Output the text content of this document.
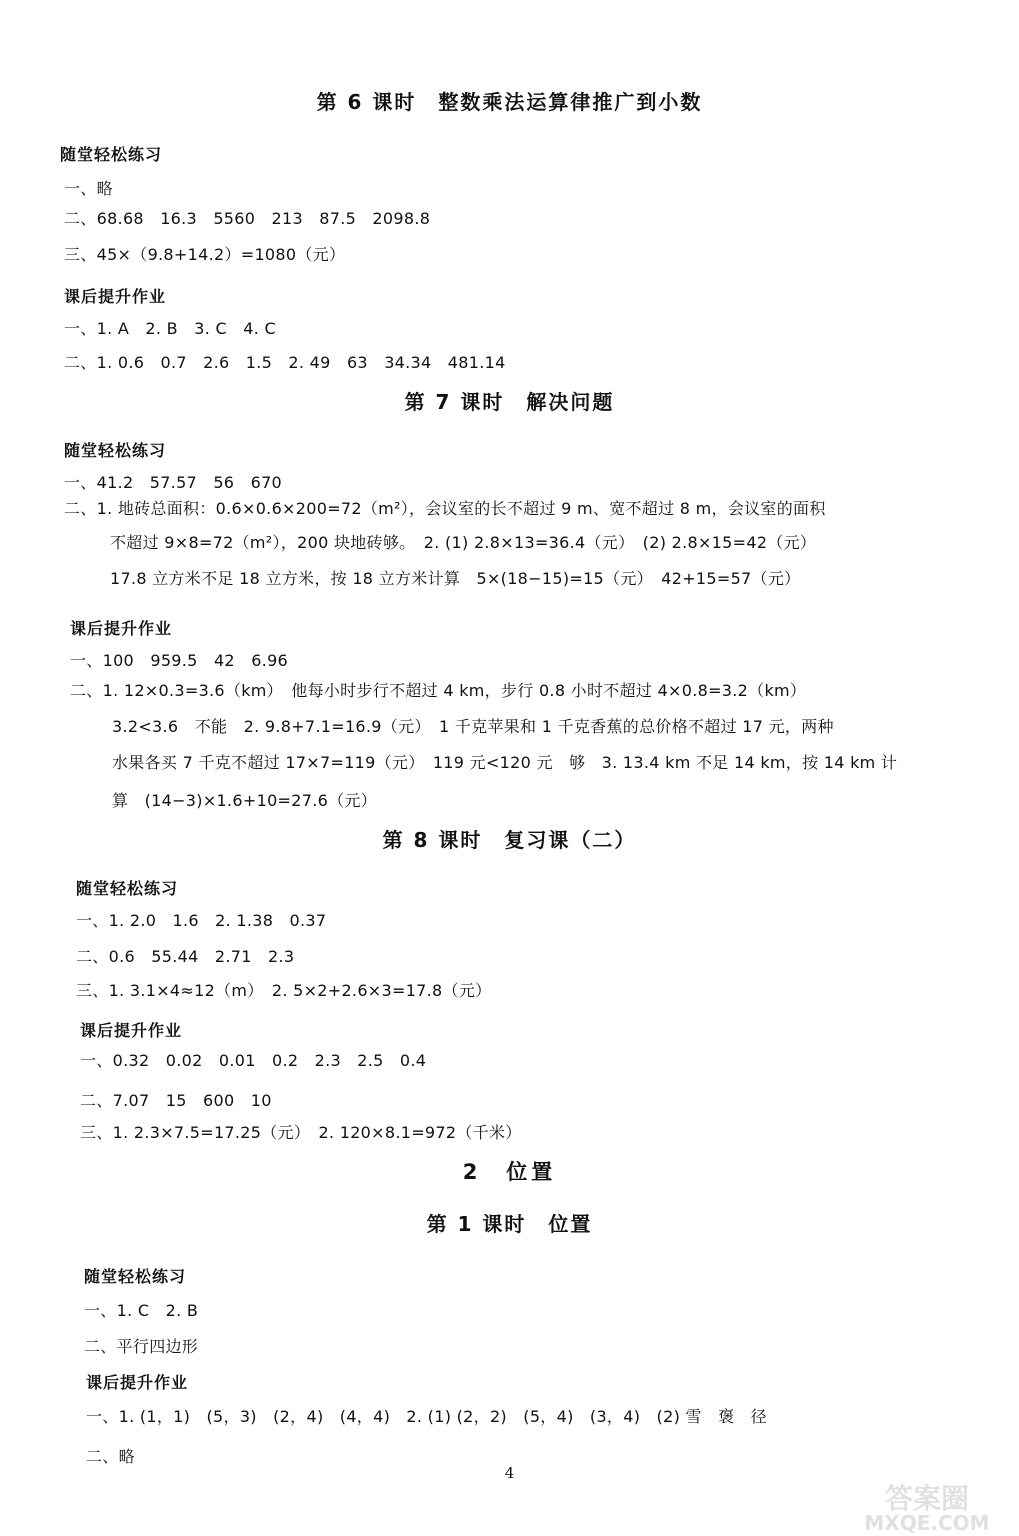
第 6 课时　整数乘法运算律推广到小数
随堂轻松练习
一、略
二、68.68　16.3　5560　213　87.5　2098.8
三、45×（9.8+14.2）=1080（元）
课后提升作业
一、1. A　2. B　3. C　4. C
二、1. 0.6　0.7　2.6　1.5　2. 49　63　34.34　481.14
第 7 课时　解决问题
随堂轻松练习
一、41.2　57.57　56　670
二、1. 地砖总面积：0.6×0.6×200=72（m²），会议室的长不超过 9 m、宽不超过 8 m，会议室的面积
不超过 9×8=72（m²），200 块地砖够。　2. (1) 2.8×13=36.4（元）　(2) 2.8×15=42（元）
17.8 立方米不足 18 立方米，按 18 立方米计算　5×(18−15)=15（元）　42+15=57（元）
课后提升作业
一、100　959.5　42　6.96
二、1. 12×0.3=3.6（km）　他每小时步行不超过 4 km，步行 0.8 小时不超过 4×0.8=3.2（km）
3.2<3.6　不能　2. 9.8+7.1=16.9（元）　1 千克苹果和 1 千克香蕉的总价格不超过 17 元，两种
水果各买 7 千克不超过 17×7=119（元）　119 元<120 元　够　3. 13.4 km 不足 14 km，按 14 km 计
算　(14−3)×1.6+10=27.6（元）
第 8 课时　复习课（二）
随堂轻松练习
一、1. 2.0　1.6　2. 1.38　0.37
二、0.6　55.44　2.71　2.3
三、1. 3.1×4≈12（m）　2. 5×2+2.6×3=17.8（元）
课后提升作业
一、0.32　0.02　0.01　0.2　2.3　2.5　0.4
二、7.07　15　600　10
三、1. 2.3×7.5=17.25（元）　2. 120×8.1=972（千米）
2　位置
第 1 课时　位置
随堂轻松练习
一、1. C　2. B
二、平行四边形
课后提升作业
一、1. (1，1)　(5，3)　(2，4)　(4，4)　2. (1) (2，2)　(5，4)　(3，4)　(2) 雪　褒　径
二、略
4
答案圈
MXQE.COM
